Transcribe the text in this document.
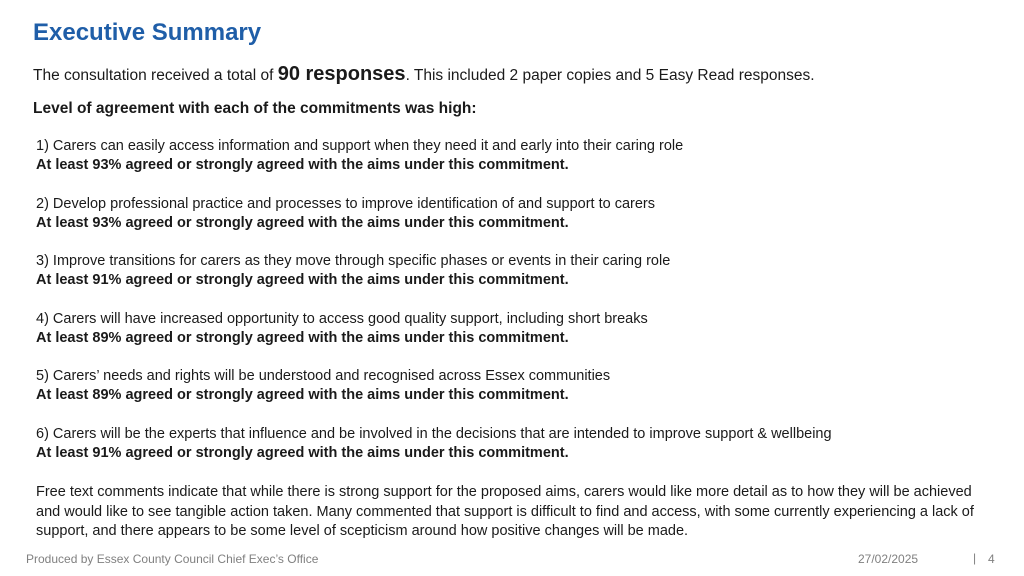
Executive Summary
The consultation received a total of 90 responses. This included 2 paper copies and 5 Easy Read responses.
Level of agreement with each of the commitments was high:
1) Carers can easily access information and support when they need it and early into their caring role
At least 93% agreed or strongly agreed with the aims under this commitment.
2) Develop professional practice and processes to improve identification of and support to carers
At least 93% agreed or strongly agreed with the aims under this commitment.
3) Improve transitions for carers as they move through specific phases or events in their caring role
At least 91% agreed or strongly agreed with the aims under this commitment.
4) Carers will have increased opportunity to access good quality support, including short breaks
At least 89% agreed or strongly agreed with the aims under this commitment.
5) Carers’ needs and rights will be understood and recognised across Essex communities
At least 89% agreed or strongly agreed with the aims under this commitment.
6) Carers will be the experts that influence and be involved in the decisions that are intended to improve support & wellbeing
At least 91% agreed or strongly agreed with the aims under this commitment.
Free text comments indicate that while there is strong support for the proposed aims, carers would like more detail as to how they will be achieved and would like to see tangible action taken. Many commented that support is difficult to find and access, with some currently experiencing a lack of support, and there appears to be some level of scepticism around how positive changes will be made.
Produced by Essex County Council Chief Exec’s Office	27/02/2025	| 4
